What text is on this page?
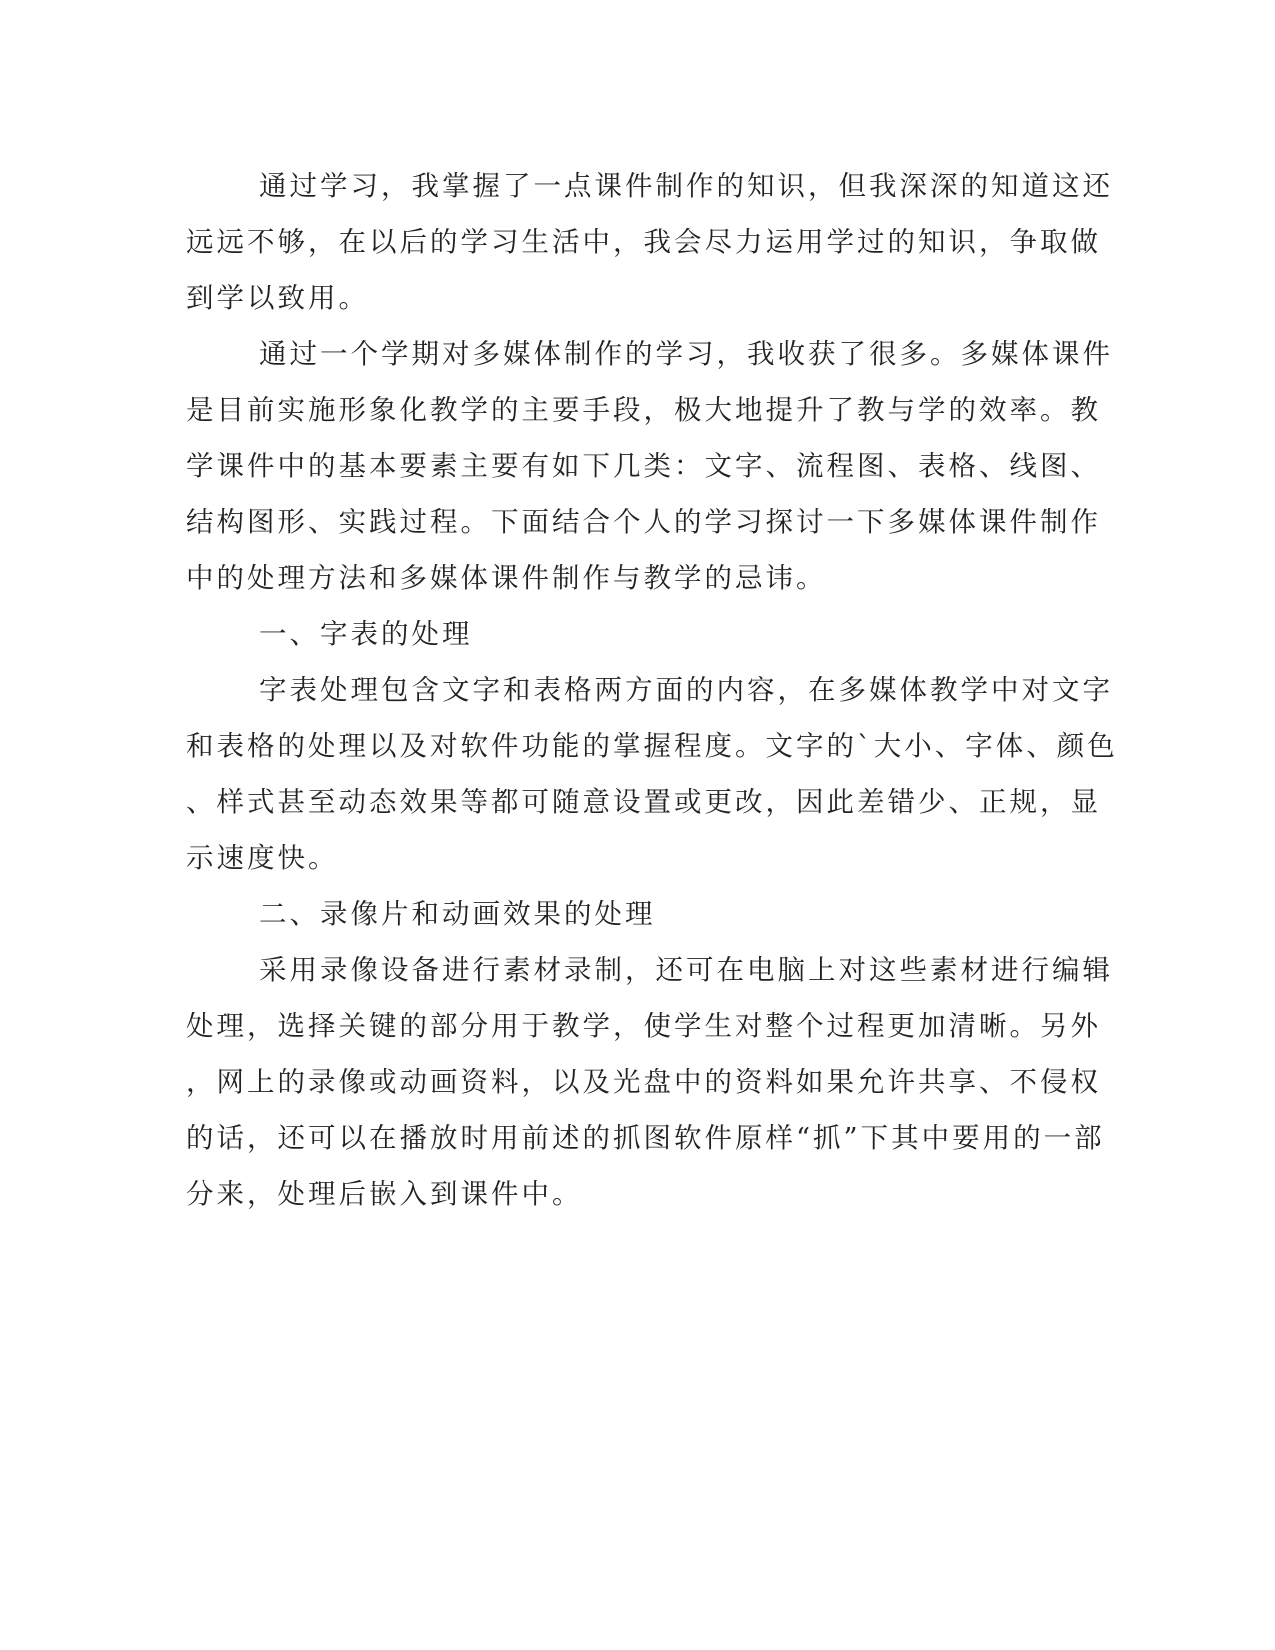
通过学习，我掌握了一点课件制作的知识，但我深深的知道这还
远远不够，在以后的学习生活中，我会尽力运用学过的知识，争取做
到学以致用。
通过一个学期对多媒体制作的学习，我收获了很多。多媒体课件
是目前实施形象化教学的主要手段，极大地提升了教与学的效率。教
学课件中的基本要素主要有如下几类：文字、流程图、表格、线图、
结构图形、实践过程。下面结合个人的学习探讨一下多媒体课件制作
中的处理方法和多媒体课件制作与教学的忌讳。
一、字表的处理
字表处理包含文字和表格两方面的内容，在多媒体教学中对文字
和表格的处理以及对软件功能的掌握程度。文字的`大小、字体、颜色
、样式甚至动态效果等都可随意设置或更改，因此差错少、正规，显
示速度快。
二、录像片和动画效果的处理
采用录像设备进行素材录制，还可在电脑上对这些素材进行编辑
处理，选择关键的部分用于教学，使学生对整个过程更加清晰。另外
，网上的录像或动画资料，以及光盘中的资料如果允许共享、不侵权
的话，还可以在播放时用前述的抓图软件原样“抓”下其中要用的一部
分来，处理后嵌入到课件中。
